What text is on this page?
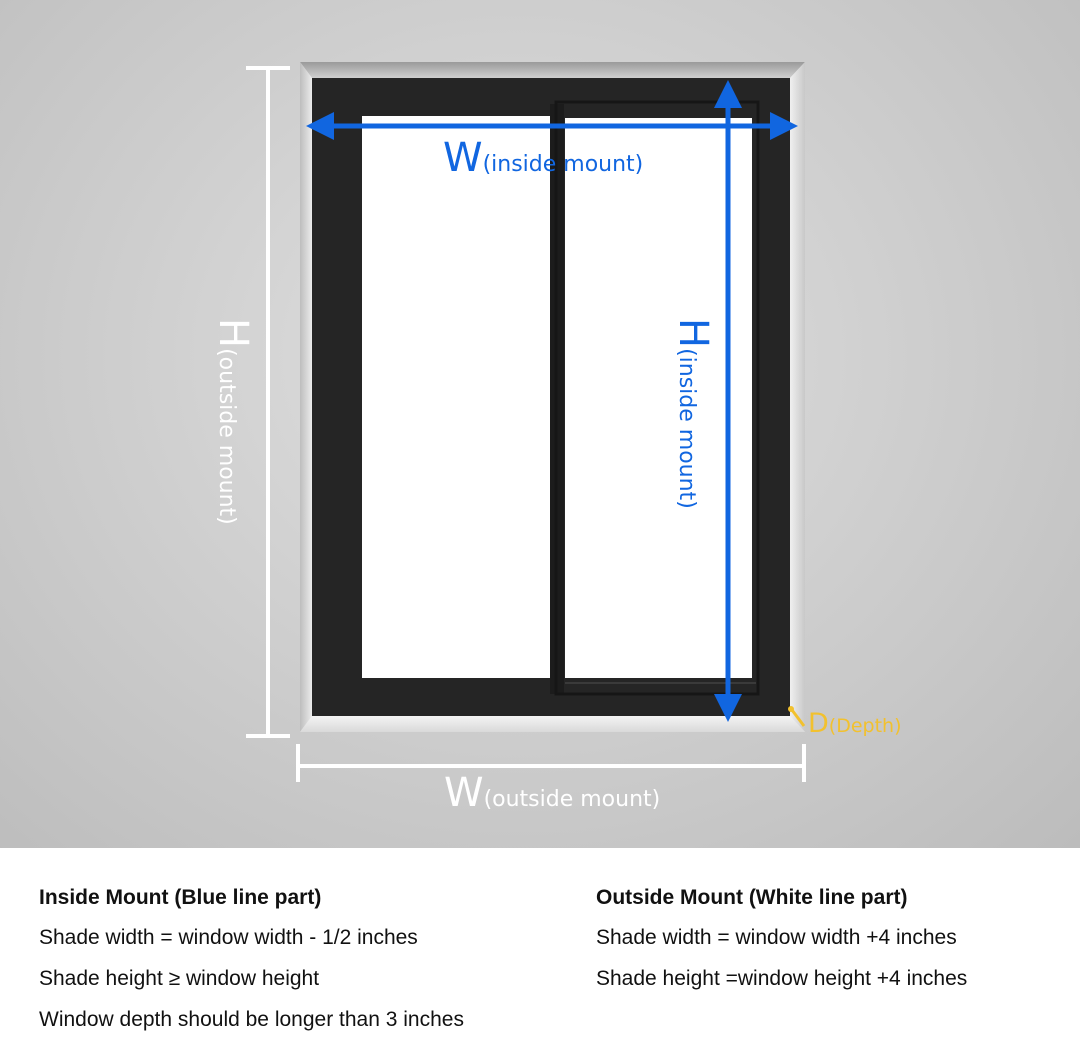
H(outside mount)
W(outside mount)
W(inside mount)
H(inside mount)
D(Depth)
Inside Mount (Blue line part)

Shade width = window width - 1/2 inches

Shade height ≥ window height

Window depth should be longer than 3 inches

Outside Mount (White line part)

Shade width = window width +4 inches

Shade height =window height +4 inches
